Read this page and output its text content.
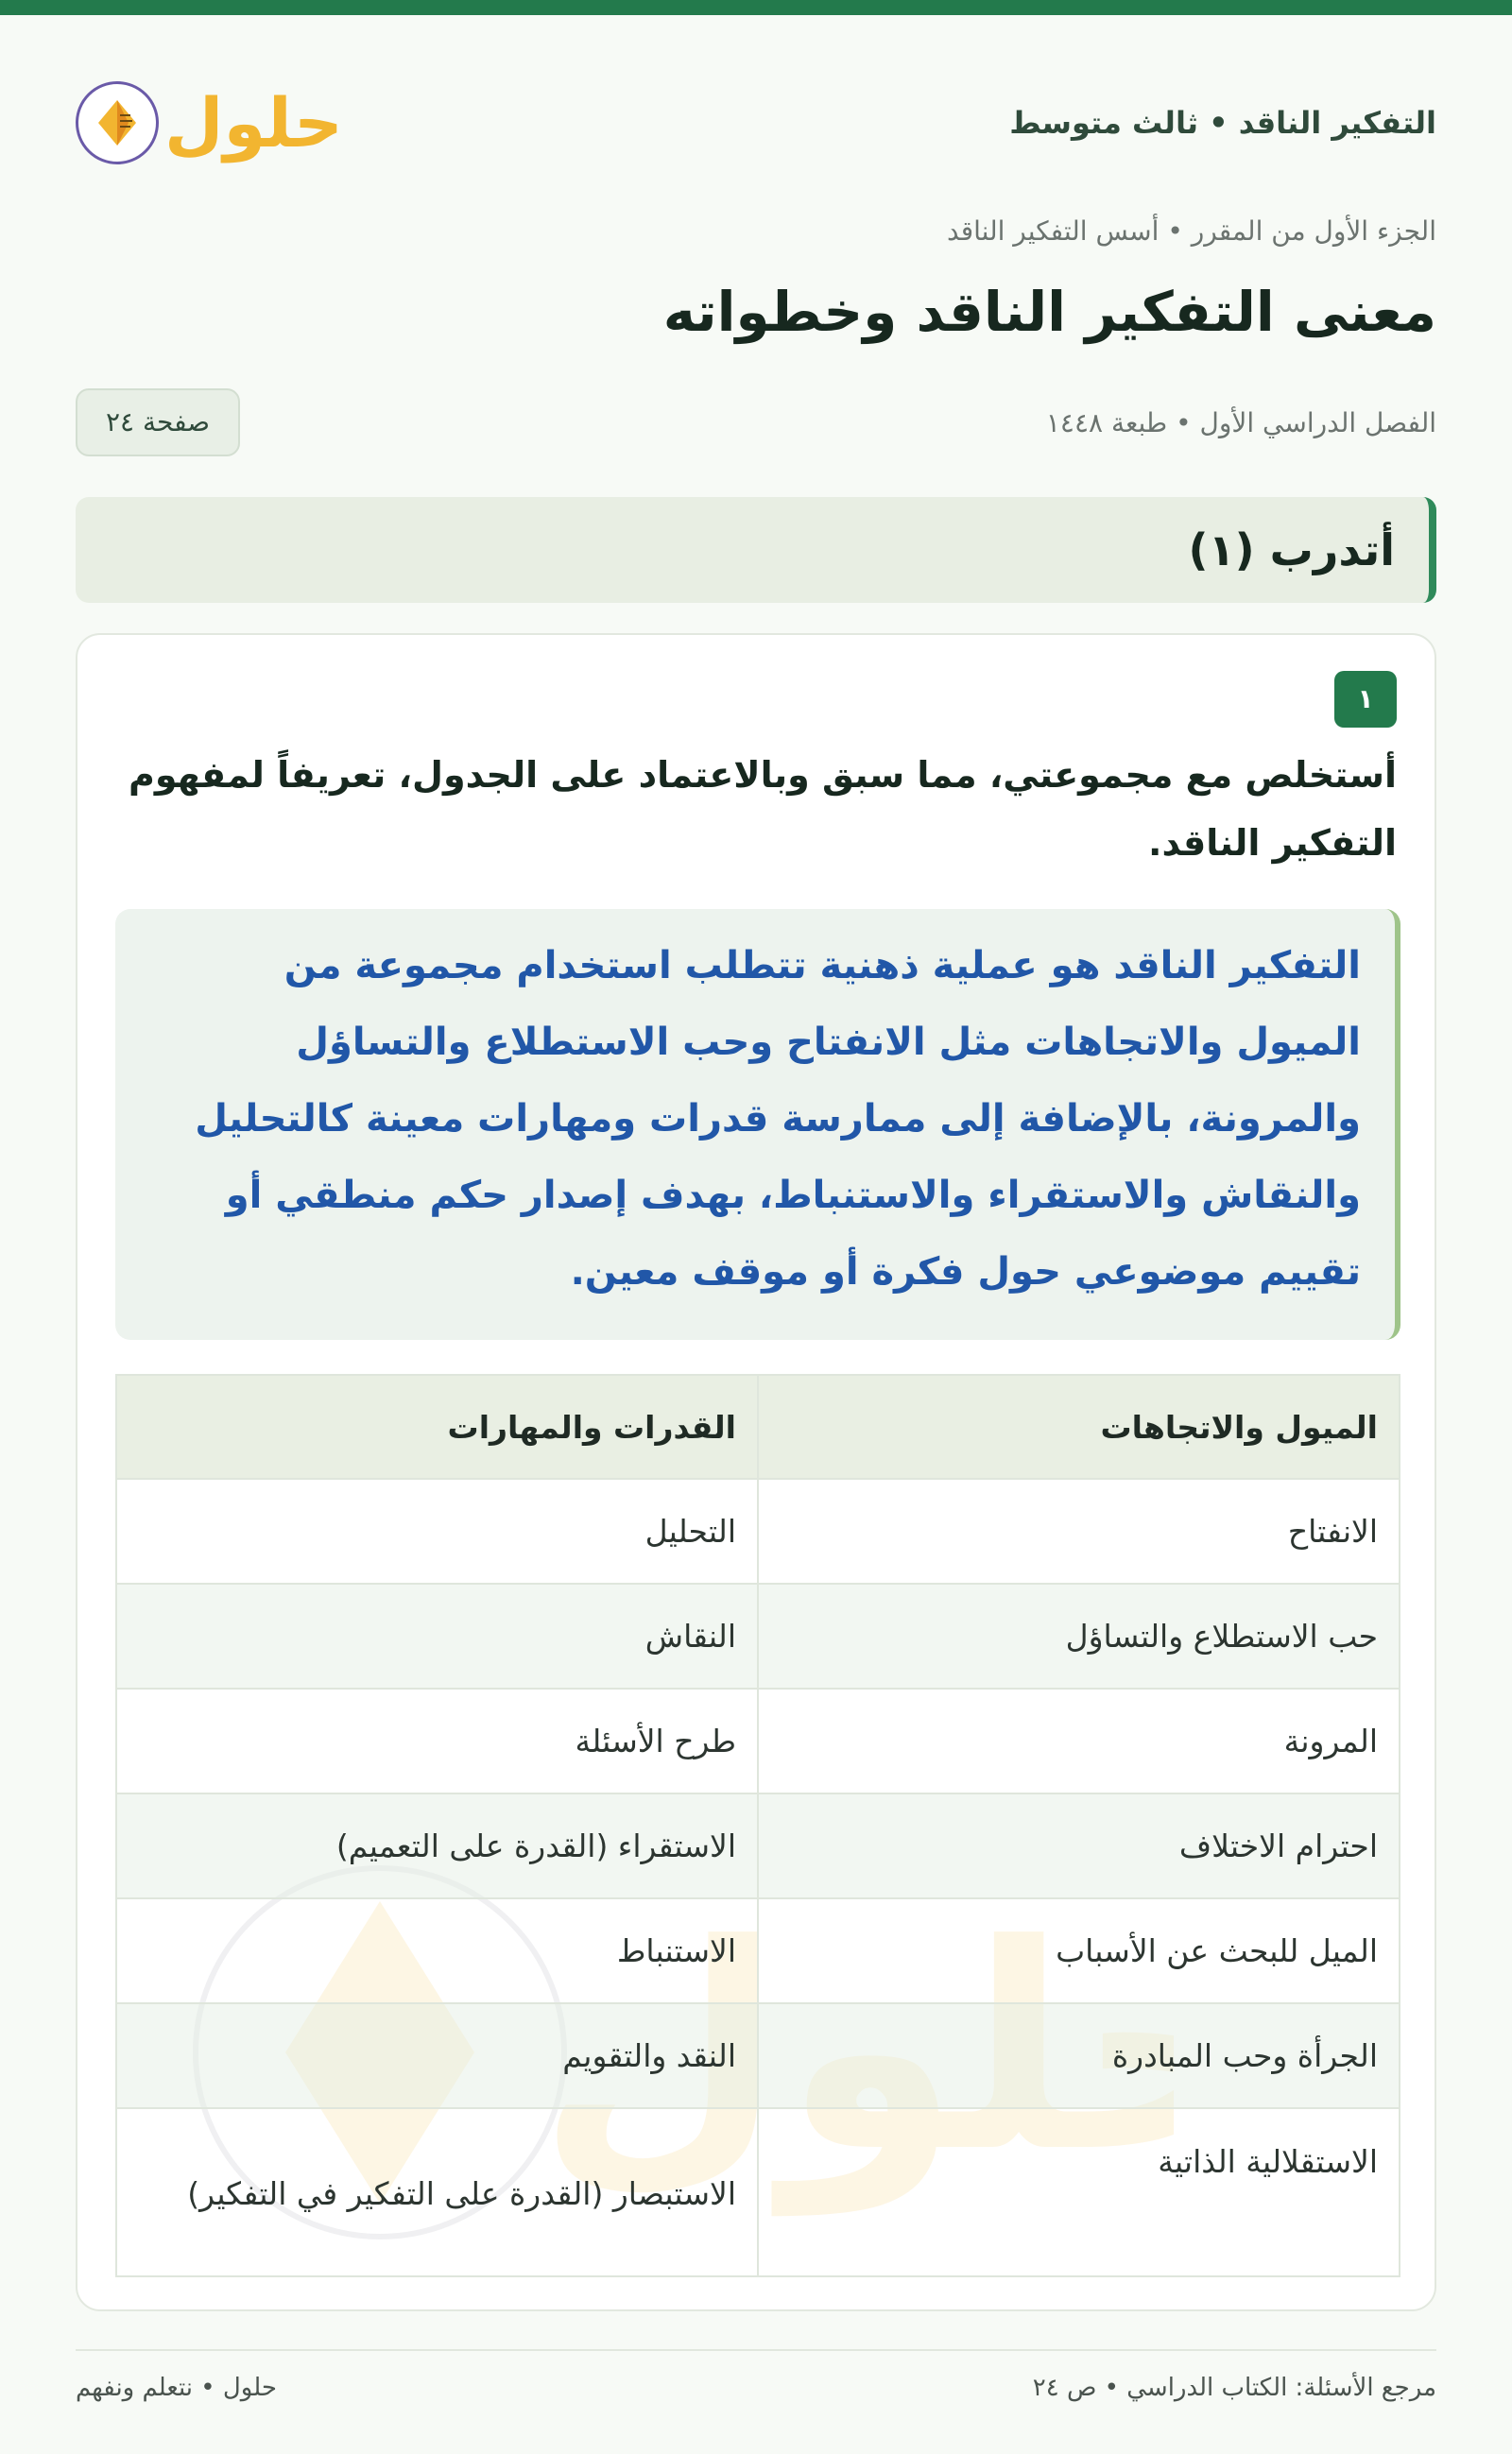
التفكير الناقد • ثالث متوسط
حلول
الجزء الأول من المقرر • أسس التفكير الناقد
معنى التفكير الناقد وخطواته
الفصل الدراسي الأول • طبعة ١٤٤٨
صفحة ٢٤
أتدرب (١)
١

أستخلص مع مجموعتي، مما سبق وبالاعتماد على الجدول، تعريفاً لمفهوم التفكير الناقد.

التفكير الناقد هو عملية ذهنية تتطلب استخدام مجموعة من الميول والاتجاهات مثل الانفتاح وحب الاستطلاع والتساؤل والمرونة، بالإضافة إلى ممارسة قدرات ومهارات معينة كالتحليل والنقاش والاستقراء والاستنباط، بهدف إصدار حكم منطقي أو تقييم موضوعي حول فكرة أو موقف معين.

الميول والاتجاهات	القدرات والمهارات
الانفتاح	التحليل
حب الاستطلاع والتساؤل	النقاش
المرونة	طرح الأسئلة
احترام الاختلاف	الاستقراء (القدرة على التعميم)
الميل للبحث عن الأسباب	الاستنباط
الجرأة وحب المبادرة	النقد والتقويم
الاستقلالية الذاتية	الاستبصار (القدرة على التفكير في التفكير)
مرجع الأسئلة: الكتاب الدراسي • ص ٢٤
حلول • نتعلم ونفهم
